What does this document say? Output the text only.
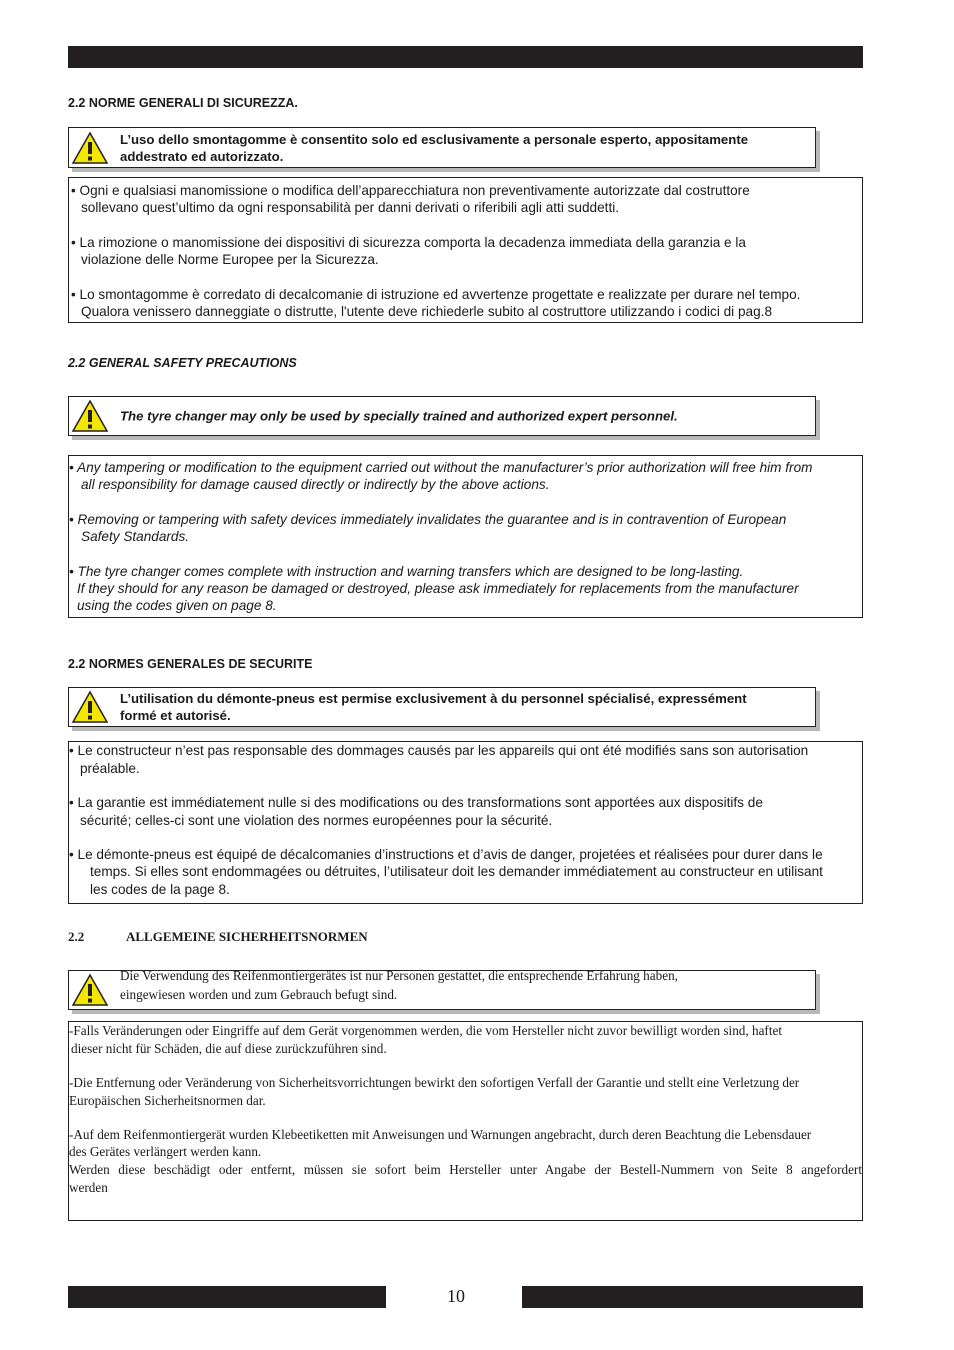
2.2 NORME GENERALI DI SICUREZZA.
L’uso dello smontagomme è consentito solo ed esclusivamente a personale esperto, appositamente
addestrato ed autorizzato.
• Ogni e qualsiasi manomissione o modifica dell’apparecchiatura non preventivamente autorizzate dal costruttore
sollevano quest’ultimo da ogni responsabilità per danni derivati o riferibili agli atti suddetti.
• La rimozione o manomissione dei dispositivi di sicurezza comporta la decadenza immediata della garanzia e la
violazione delle Norme Europee per la Sicurezza.
• Lo smontagomme è corredato di decalcomanie di istruzione ed avvertenze progettate e realizzate per durare nel tempo.
Qualora venissero danneggiate o distrutte, l'utente deve richiederle subito al costruttore utilizzando i codici di pag.8
2.2 GENERAL SAFETY PRECAUTIONS
The tyre changer may only be used by specially trained and authorized expert personnel.
• Any tampering or modification to the equipment carried out without the manufacturer’s prior authorization will free him from
all responsibility for damage caused directly or indirectly by the above actions.
• Removing or tampering with safety devices immediately invalidates the guarantee and is in contravention of European
Safety Standards.
• The tyre changer comes complete with instruction and warning transfers which are designed to be long-lasting.
If they should for any reason be damaged or destroyed, please ask immediately for replacements from the manufacturer
using the codes given on page 8.
2.2 NORMES GENERALES DE SECURITE
L’utilisation du démonte-pneus est permise exclusivement à du personnel spécialisé, expressément
formé et autorisé.
• Le constructeur n’est pas responsable des dommages causés par les appareils qui ont été modifiés sans son autorisation
préalable.
• La garantie est immédiatement nulle si des modifications ou des transformations sont apportées aux dispositifs de
sécurité; celles-ci sont une violation des normes européennes pour la sécurité.
• Le démonte-pneus est équipé de décalcomanies d’instructions et d’avis de danger, projetées et réalisées pour durer dans le
temps. Si elles sont endommagées ou détruites, l’utilisateur doit les demander immédiatement au constructeur en utilisant
les codes de la page 8.
2.2	ALLGEMEINE SICHERHEITSNORMEN
Die Verwendung des Reifenmontiergerätes ist nur Personen gestattet, die entsprechende Erfahrung haben,
eingewiesen worden und zum Gebrauch befugt sind.
-Falls Veränderungen oder Eingriffe auf dem Gerät vorgenommen werden, die vom Hersteller nicht zuvor bewilligt worden sind, haftet
dieser nicht für Schäden, die auf diese zurückzuführen sind.
-Die Entfernung oder Veränderung von Sicherheitsvorrichtungen bewirkt den sofortigen Verfall der Garantie und stellt eine Verletzung der
Europäischen Sicherheitsnormen dar.
-Auf dem Reifenmontiergerät wurden Klebeetiketten mit Anweisungen und Warnungen angebracht, durch deren Beachtung die Lebensdauer
des Gerätes verlängert werden kann.
Werden diese beschädigt oder entfernt, müssen sie sofort beim Hersteller unter Angabe der Bestell-Nummern von Seite 8 angefordert
werden
10
